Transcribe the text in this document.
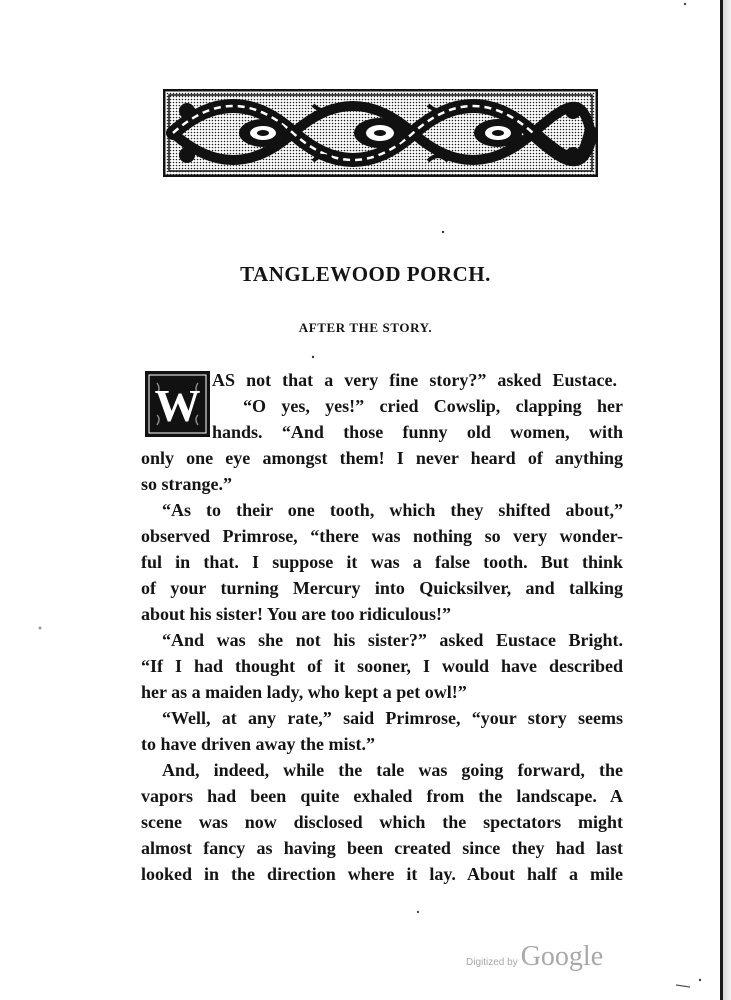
TANGLEWOOD PORCH.
AFTER THE STORY.
W AS not that a very fine story?” asked Eustace.
“O yes, yes!” cried Cowslip, clapping her
hands. “And those funny old women, with
only one eye amongst them! I never heard of anything
so strange.”
“As to their one tooth, which they shifted about,”
observed Primrose, “there was nothing so very wonder-
ful in that. I suppose it was a false tooth. But think
of your turning Mercury into Quicksilver, and talking
about his sister! You are too ridiculous!”
“And was she not his sister?” asked Eustace Bright.
“If I had thought of it sooner, I would have described
her as a maiden lady, who kept a pet owl!”
“Well, at any rate,” said Primrose, “your story seems
to have driven away the mist.”
And, indeed, while the tale was going forward, the
vapors had been quite exhaled from the landscape. A
scene was now disclosed which the spectators might
almost fancy as having been created since they had last
looked in the direction where it lay. About half a mile
Digitized by Google
